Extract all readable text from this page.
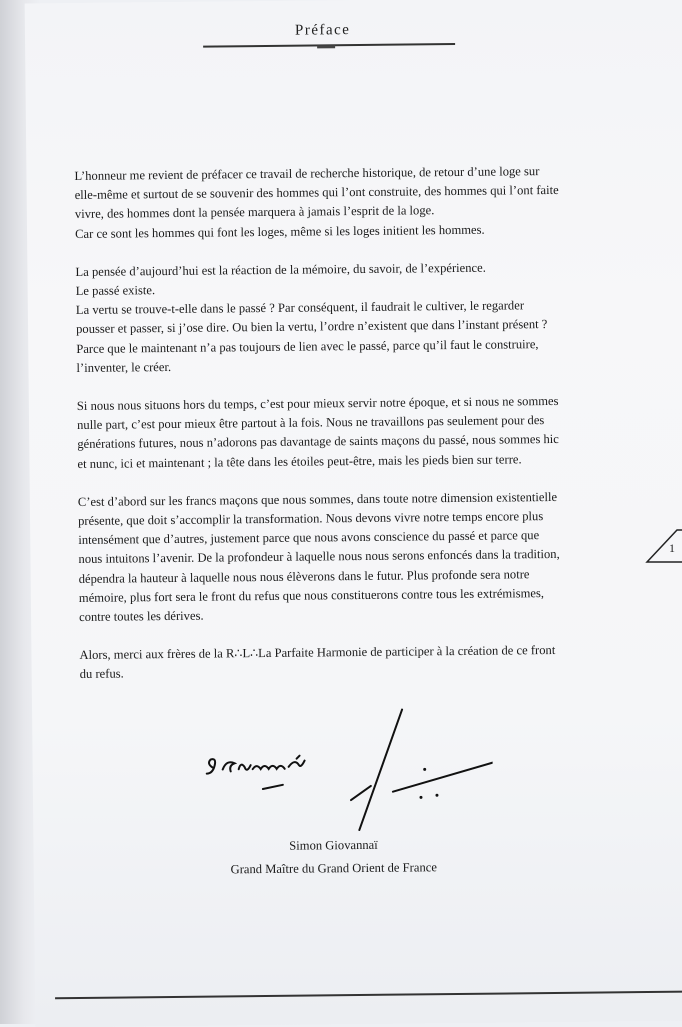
Préface

L’honneur me revient de préfacer ce travail de recherche historique, de retour d’une loge sur
elle-même et surtout de se souvenir des hommes qui l’ont construite, des hommes qui l’ont faite
vivre, des hommes dont la pensée marquera à jamais l’esprit de la loge.
Car ce sont les hommes qui font les loges, même si les loges initient les hommes.

La pensée d’aujourd’hui est la réaction de la mémoire, du savoir, de l’expérience.
Le passé existe.
La vertu se trouve-t-elle dans le passé ? Par conséquent, il faudrait le cultiver, le regarder
pousser et passer, si j’ose dire. Ou bien la vertu, l’ordre n’existent que dans l’instant présent ?
Parce que le maintenant n’a pas toujours de lien avec le passé, parce qu’il faut le construire,
l’inventer, le créer.

Si nous nous situons hors du temps, c’est pour mieux servir notre époque, et si nous ne sommes
nulle part, c’est pour mieux être partout à la fois. Nous ne travaillons pas seulement pour des
générations futures, nous n’adorons pas davantage de saints maçons du passé, nous sommes hic
et nunc, ici et maintenant ; la tête dans les étoiles peut-être, mais les pieds bien sur terre.

C’est d’abord sur les francs maçons que nous sommes, dans toute notre dimension existentielle
présente, que doit s’accomplir la transformation. Nous devons vivre notre temps encore plus
intensément que d’autres, justement parce que nous avons conscience du passé et parce que
nous intuitons l’avenir. De la profondeur à laquelle nous nous serons enfoncés dans la tradition,
dépendra la hauteur à laquelle nous nous élèverons dans le futur. Plus profonde sera notre
mémoire, plus fort sera le front du refus que nous constituerons contre tous les extrémismes,
contre toutes les dérives.

Alors, merci aux frères de la R∴L∴La Parfaite Harmonie de participer à la création de ce front
du refus.

Simon Giovannaï
Grand Maître du Grand Orient de France
1
